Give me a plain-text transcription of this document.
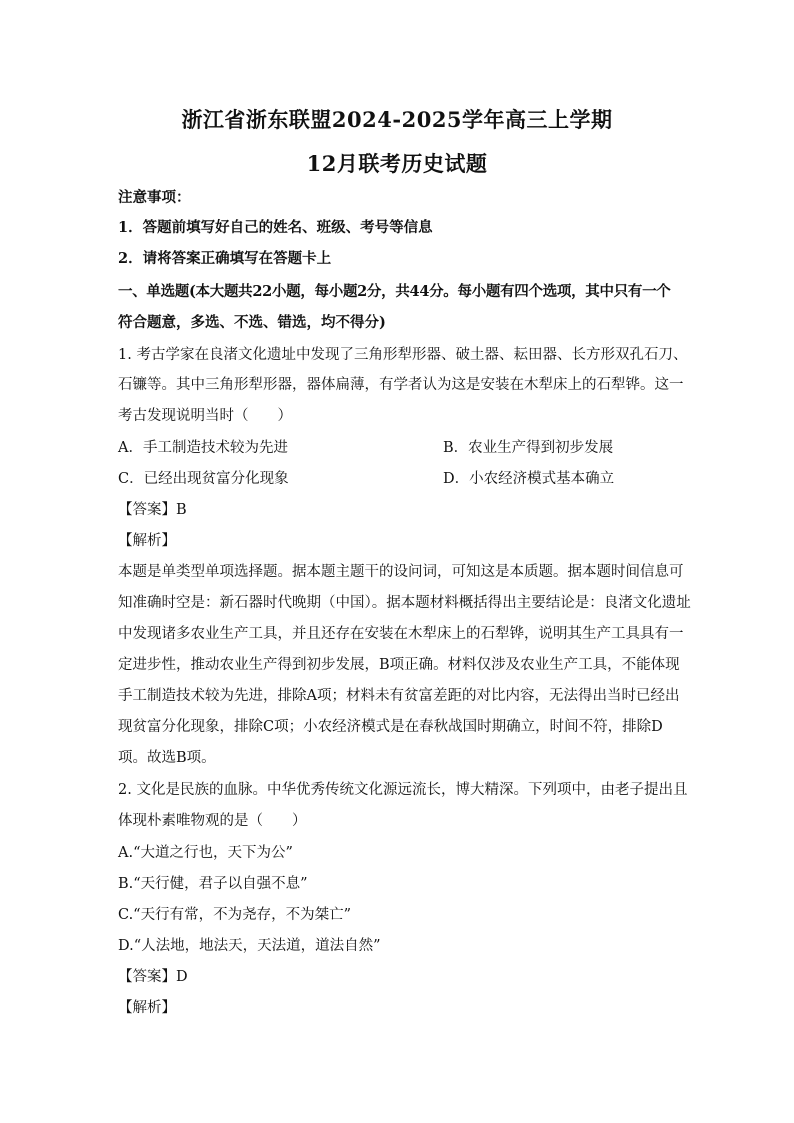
浙江省浙东联盟2024-2025学年高三上学期
12月联考历史试题
注意事项：
1．答题前填写好自己的姓名、班级、考号等信息
2．请将答案正确填写在答题卡上
一、单选题(本大题共22小题，每小题2分，共44分。每小题有四个选项，其中只有一个
符合题意，多选、不选、错选，均不得分)
1. 考古学家在良渚文化遗址中发现了三角形犁形器、破土器、耘田器、长方形双孔石刀、
石镰等。其中三角形犁形器，器体扁薄，有学者认为这是安装在木犁床上的石犁铧。这一
考古发现说明当时（　　）
A．手工制造技术较为先进	B．农业生产得到初步发展
C．已经出现贫富分化现象	D．小农经济模式基本确立
【答案】B
【解析】
本题是单类型单项选择题。据本题主题干的设问词，可知这是本质题。据本题时间信息可
知准确时空是：新石器时代晚期（中国）。据本题材料概括得出主要结论是：良渚文化遗址
中发现诸多农业生产工具，并且还存在安装在木犁床上的石犁铧，说明其生产工具具有一
定进步性，推动农业生产得到初步发展，B项正确。材料仅涉及农业生产工具，不能体现
手工制造技术较为先进，排除A项；材料未有贫富差距的对比内容，无法得出当时已经出
现贫富分化现象，排除C项；小农经济模式是在春秋战国时期确立，时间不符，排除D
项。故选B项。
2. 文化是民族的血脉。中华优秀传统文化源远流长，博大精深。下列项中，由老子提出且
体现朴素唯物观的是（　　）
A.“大道之行也，天下为公”
B.“天行健，君子以自强不息”
C.“天行有常，不为尧存，不为桀亡”
D.“人法地，地法天，天法道，道法自然”
【答案】D
【解析】
